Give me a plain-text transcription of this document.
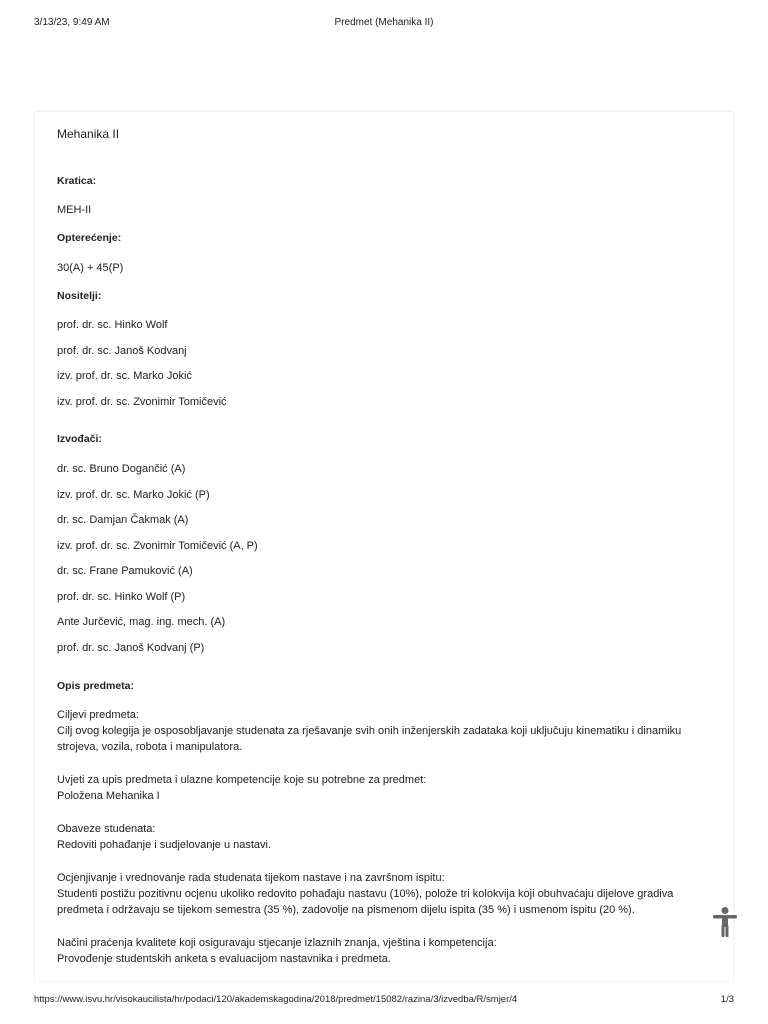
3/13/23, 9:49 AM	Predmet (Mehanika II)
Mehanika II
Kratica:
MEH-II
Opterećenje:
30(A) + 45(P)
Nositelji:
prof. dr. sc. Hinko Wolf
prof. dr. sc. Janoš Kodvanj
izv. prof. dr. sc. Marko Jokić
izv. prof. dr. sc. Zvonimir Tomičević
Izvođači:
dr. sc. Bruno Dogančić (A)
izv. prof. dr. sc. Marko Jokić (P)
dr. sc. Damjan Čakmak (A)
izv. prof. dr. sc. Zvonimir Tomičević (A, P)
dr. sc. Frane Pamuković (A)
prof. dr. sc. Hinko Wolf (P)
Ante Jurčević, mag. ing. mech. (A)
prof. dr. sc. Janoš Kodvanj (P)
Opis predmeta:
Ciljevi predmeta:
Cilj ovog kolegija je osposobljavanje studenata za rješavanje svih onih inženjerskih zadataka koji uključuju kinematiku i dinamiku strojeva, vozila, robota i manipulatora.
Uvjeti za upis predmeta i ulazne kompetencije koje su potrebne za predmet:
Položena Mehanika I
Obaveze studenata:
Redoviti pohađanje i sudjelovanje u nastavi.
Ocjenjivanje i vrednovanje rada studenata tijekom nastave i na završnom ispitu:
Studenti postižu pozitivnu ocjenu ukoliko redovito pohađaju nastavu (10%), polože tri kolokvija koji obuhvaćaju dijelove gradiva predmeta i održavaju se tijekom semestra (35 %), zadovolje na pismenom dijelu ispita (35 %) i usmenom ispitu (20 %).
Načini praćenja kvalitete koji osiguravaju stjecanje izlaznih znanja, vještina i kompetencija:
Provođenje studentskih anketa s evaluacijom nastavnika i predmeta.
https://www.isvu.hr/visokaucilista/hr/podaci/120/akademskagodina/2018/predmet/15082/razina/3/izvedba/R/smjer/4	1/3
